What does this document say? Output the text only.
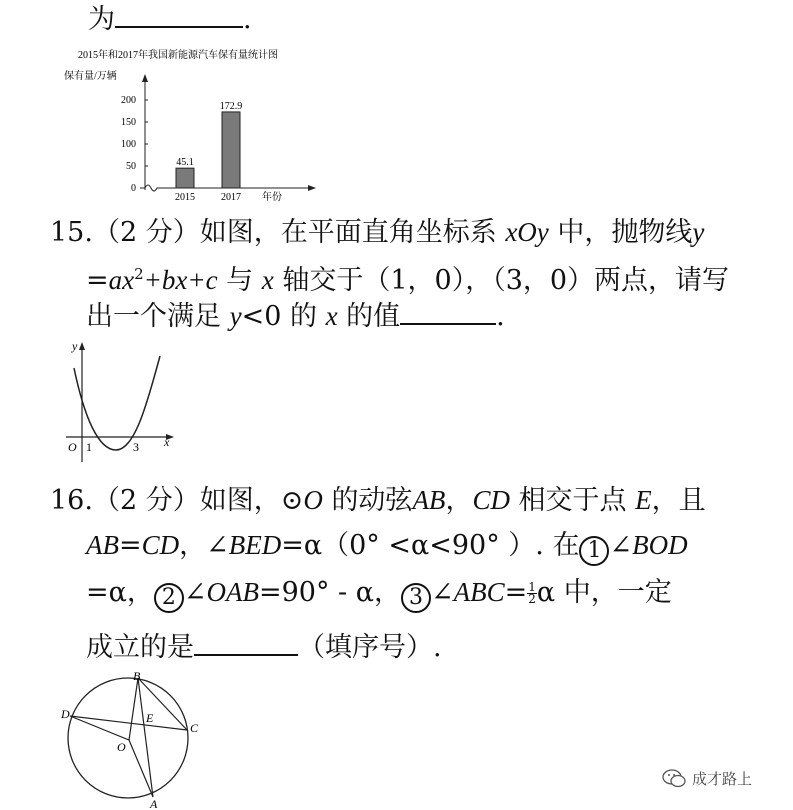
为	.
2015年和2017年我国新能源汽车保有量统计图
保有量/万辆
200
150
100
50
0
45.1
172.9
2015	2017 年份
15.（2 分）如图，在平面直角坐标系 xOy 中，抛物线y
$=ax^2+bx+c$ 与 x 轴交于（1，0），（3，0）两点，请写
出一个满足 y<0 的 x 的值	.
y
x
O 1	3
16.（2 分）如图，⊙O 的动弦AB，CD 相交于点 E，且
AB=CD，∠BED=α（0° <α<90° ）. 在 1 ∠BOD
=α， 2 ∠OAB=90° - α， 3 ∠ABC= $\frac{1}{2}$ α 中，一定
成立的是	（填序号）.
B
D	E
C
O
A
成才路上
